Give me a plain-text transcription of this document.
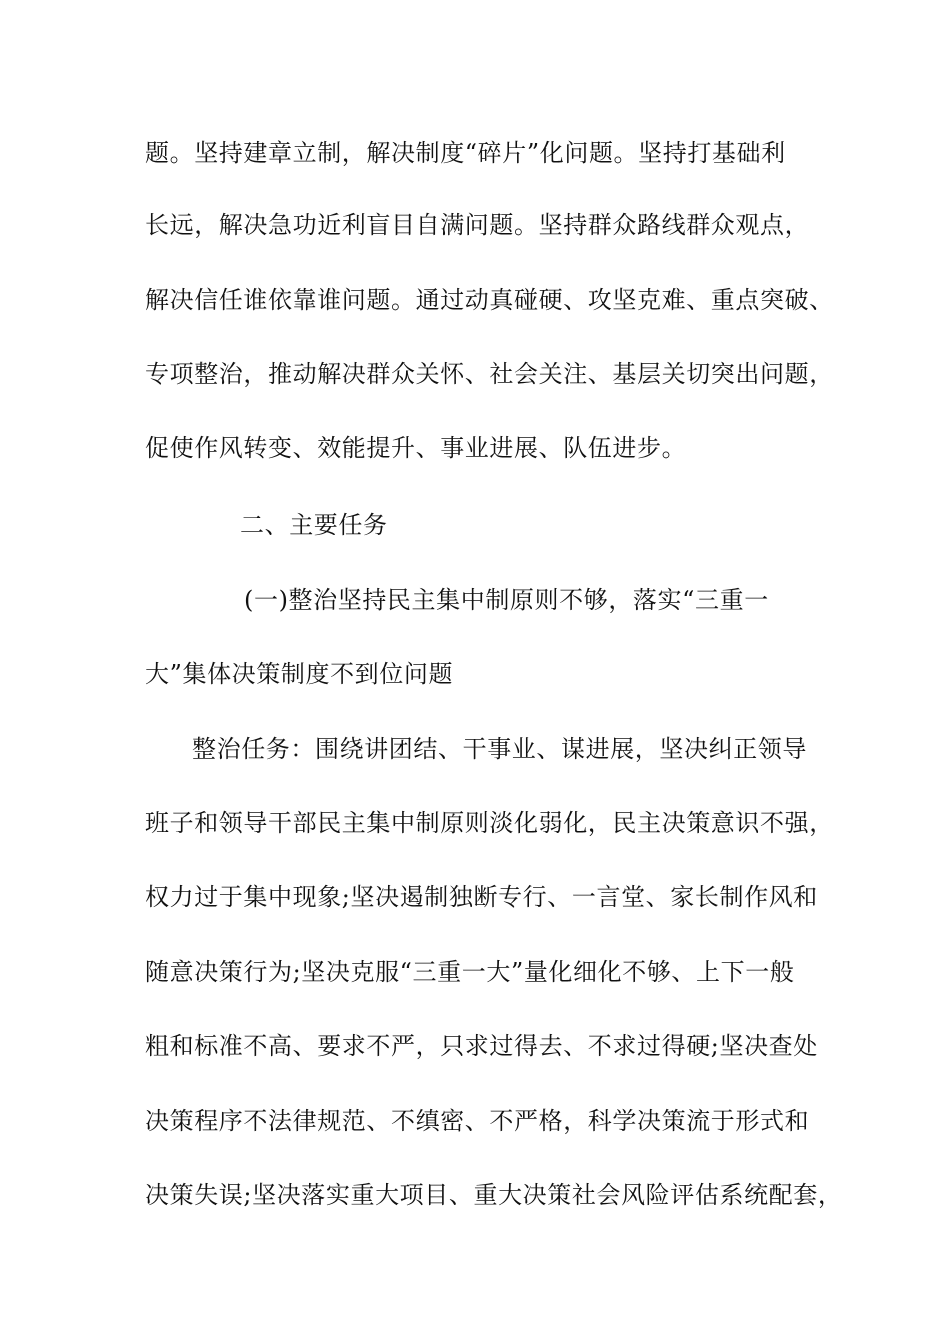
题。坚持建章立制，解决制度“碎片”化问题。坚持打基础利
长远，解决急功近利盲目自满问题。坚持群众路线群众观点，
解决信任谁依靠谁问题。通过动真碰硬、攻坚克难、重点突破、
专项整治，推动解决群众关怀、社会关注、基层关切突出问题，
促使作风转变、效能提升、事业进展、队伍进步。
二、主要任务
(一)整治坚持民主集中制原则不够，落实“三重一
大”集体决策制度不到位问题
整治任务：围绕讲团结、干事业、谋进展，坚决纠正领导
班子和领导干部民主集中制原则淡化弱化，民主决策意识不强，
权力过于集中现象;坚决遏制独断专行、一言堂、家长制作风和
随意决策行为;坚决克服“三重一大”量化细化不够、上下一般
粗和标准不高、要求不严，只求过得去、不求过得硬;坚决查处
决策程序不法律规范、不缜密、不严格，科学决策流于形式和
决策失误;坚决落实重大项目、重大决策社会风险评估系统配套，
